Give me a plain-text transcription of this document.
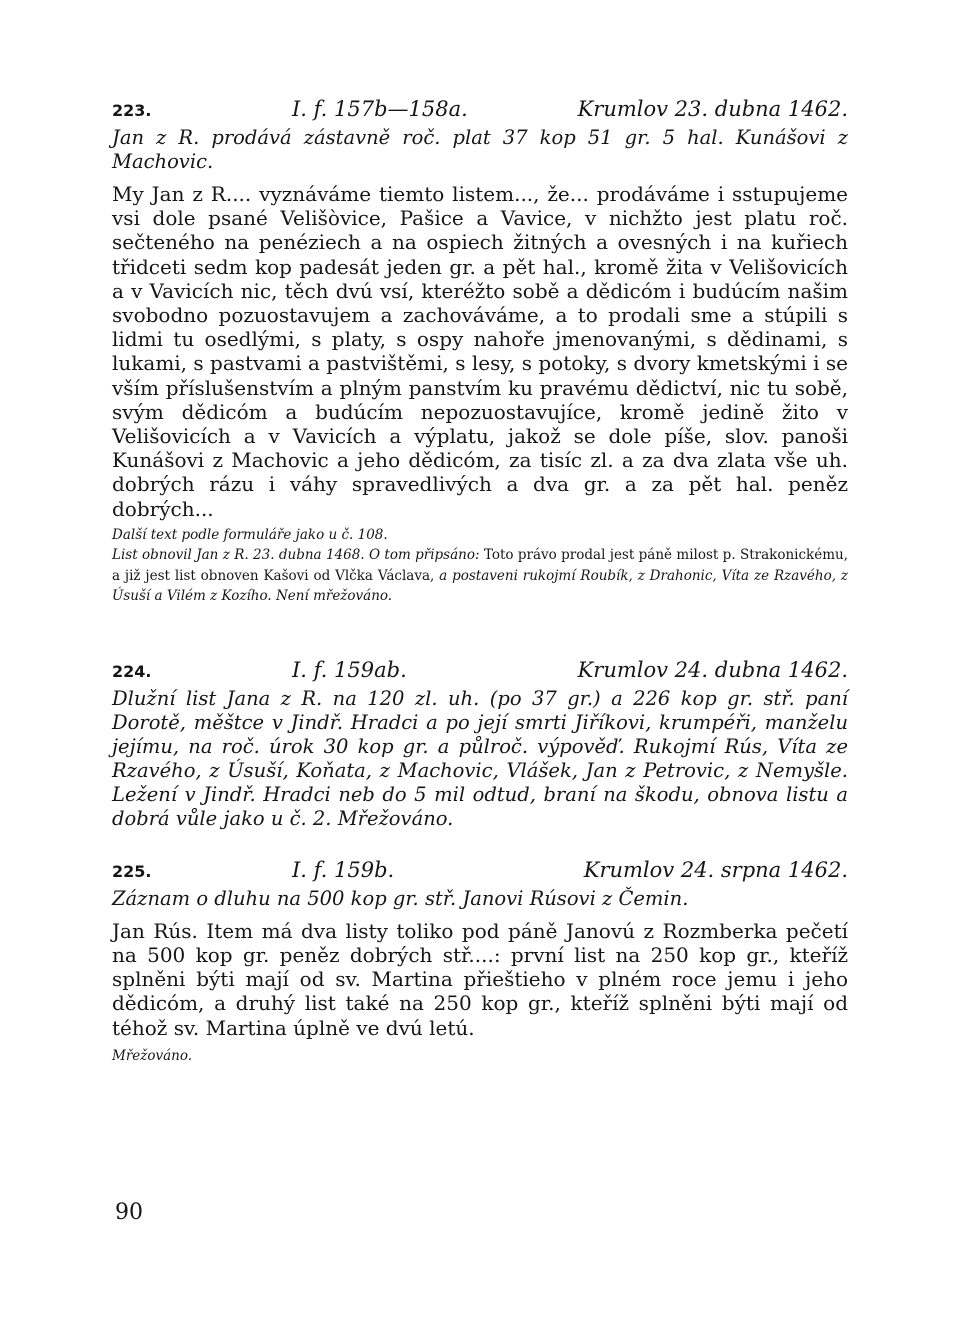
223.	I. f. 157b—158a.	Krumlov 23. dubna 1462.

Jan z R. prodává zástavně roč. plat 37 kop 51 gr. 5 hal. Kunášovi z Machovic.

My Jan z R.... vyznáváme tiemto listem..., že... prodáváme i sstupujeme vsi dole psané Velišòvice, Pašice a Vavice, v nichžto jest platu roč. sečteného na penéziech a na ospiech žitných a ovesných i na kuřiech třidceti sedm kop padesát jeden gr. a pět hal., kromě žita v Velišovicích a v Vavicích nic, těch dvú vsí, kteréžto sobě a dědicóm i budúcím našim svobodno pozuostavujem a zachováváme, a to prodali sme a stúpili s lidmi tu osedlými, s platy, s ospy nahoře jmenovanými, s dědinami, s lukami, s pastvami a pastvištěmi, s lesy, s potoky, s dvory kmetskými i se vším příslušenstvím a plným panstvím ku pravému dědictví, nic tu sobě, svým dědicóm a budúcím nepozuostavujíce, kromě jedině žito v Velišovicích a v Vavicích a výplatu, jakož se dole píše, slov. panoši Kunášovi z Machovic a jeho dědicóm, za tisíc zl. a za dva zlata vše uh. dobrých rázu i váhy spravedlivých a dva gr. a za pět hal. peněz dobrých...

Další text podle formuláře jako u č. 108.

List obnovil Jan z R. 23. dubna 1468. O tom připsáno: Toto právo prodal jest páně milost p. Strakonickému, a již jest list obnoven Kašovi od Vlčka Václava, a postaveni rukojmí Roubík, z Drahonic, Víta ze Rzavého, z Úsuší a Vilém z Kozího. Není mřežováno.

224.	I. f. 159ab.	Krumlov 24. dubna 1462.

Dlužní list Jana z R. na 120 zl. uh. (po 37 gr.) a 226 kop gr. stř. paní Dorotě, měštce v Jindř. Hradci a po její smrti Jiříkovi, krumpéři, manželu jejímu, na roč. úrok 30 kop gr. a půlroč. výpověď. Rukojmí Rús, Víta ze Rzavého, z Úsuší, Koňata, z Machovic, Vlášek, Jan z Petrovic, z Nemyšle. Ležení v Jindř. Hradci neb do 5 mil odtud, braní na škodu, obnova listu a dobrá vůle jako u č. 2. Mřežováno.

225.	I. f. 159b.	Krumlov 24. srpna 1462.

Záznam o dluhu na 500 kop gr. stř. Janovi Rúsovi z Čemin.

Jan Rús. Item má dva listy toliko pod páně Janovú z Rozmberka pečetí na 500 kop gr. peněz dobrých stř....: první list na 250 kop gr., kteříž splněni býti mají od sv. Martina přieštieho v plném roce jemu i jeho dědicóm, a druhý list také na 250 kop gr., kteříž splněni býti mají od téhož sv. Martina úplně ve dvú letú.

Mřežováno.
90
